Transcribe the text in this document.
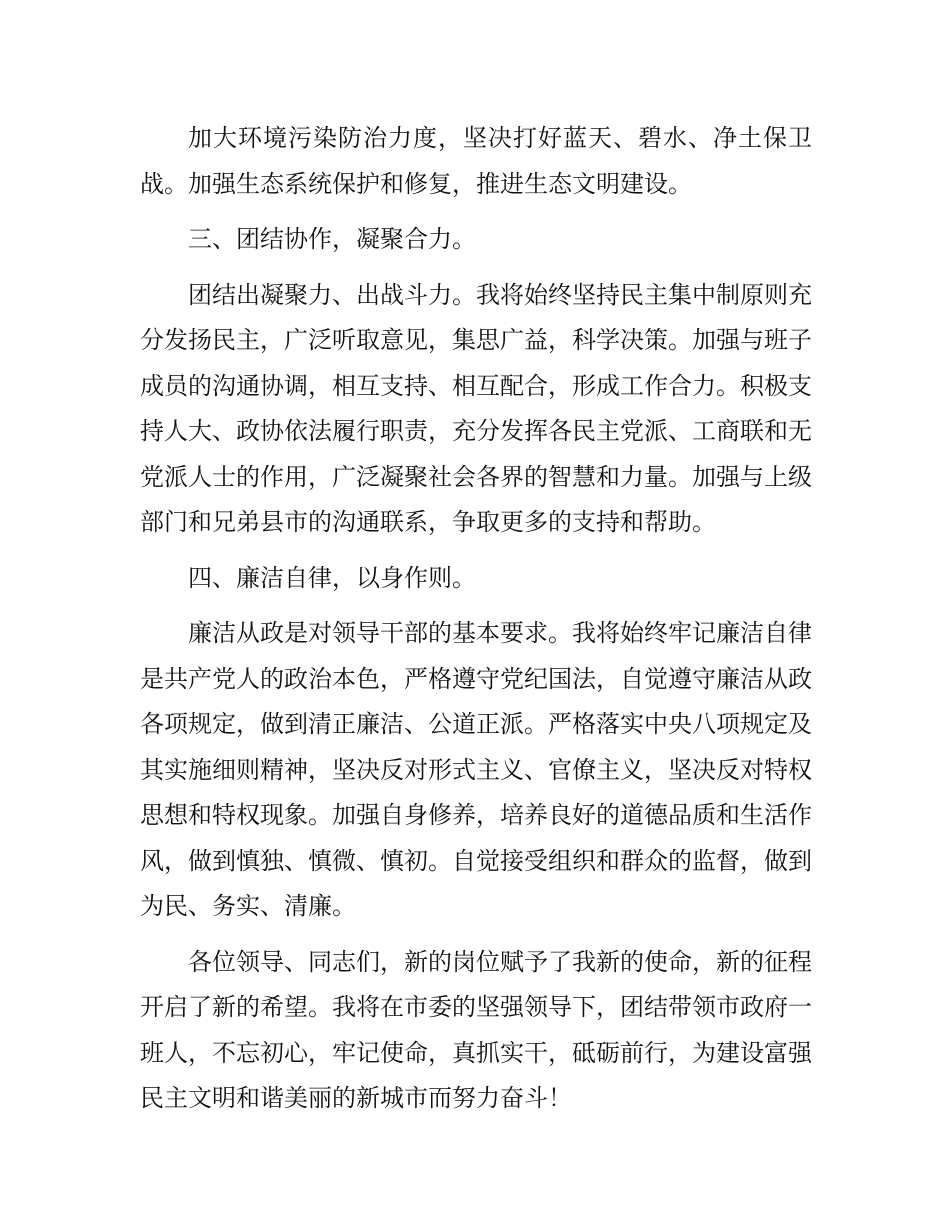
加大环境污染防治力度，坚决打好蓝天、碧水、净土保卫战。加强生态系统保护和修复，推进生态文明建设。

三、团结协作，凝聚合力。

团结出凝聚力、出战斗力。我将始终坚持民主集中制原则充分发扬民主，广泛听取意见，集思广益，科学决策。加强与班子成员的沟通协调，相互支持、相互配合，形成工作合力。积极支持人大、政协依法履行职责，充分发挥各民主党派、工商联和无党派人士的作用，广泛凝聚社会各界的智慧和力量。加强与上级部门和兄弟县市的沟通联系，争取更多的支持和帮助。

四、廉洁自律，以身作则。

廉洁从政是对领导干部的基本要求。我将始终牢记廉洁自律是共产党人的政治本色，严格遵守党纪国法，自觉遵守廉洁从政各项规定，做到清正廉洁、公道正派。严格落实中央八项规定及其实施细则精神，坚决反对形式主义、官僚主义，坚决反对特权思想和特权现象。加强自身修养，培养良好的道德品质和生活作风，做到慎独、慎微、慎初。自觉接受组织和群众的监督，做到为民、务实、清廉。

各位领导、同志们，新的岗位赋予了我新的使命，新的征程开启了新的希望。我将在市委的坚强领导下，团结带领市政府一班人，不忘初心，牢记使命，真抓实干，砥砺前行，为建设富强民主文明和谐美丽的新城市而努力奋斗！
